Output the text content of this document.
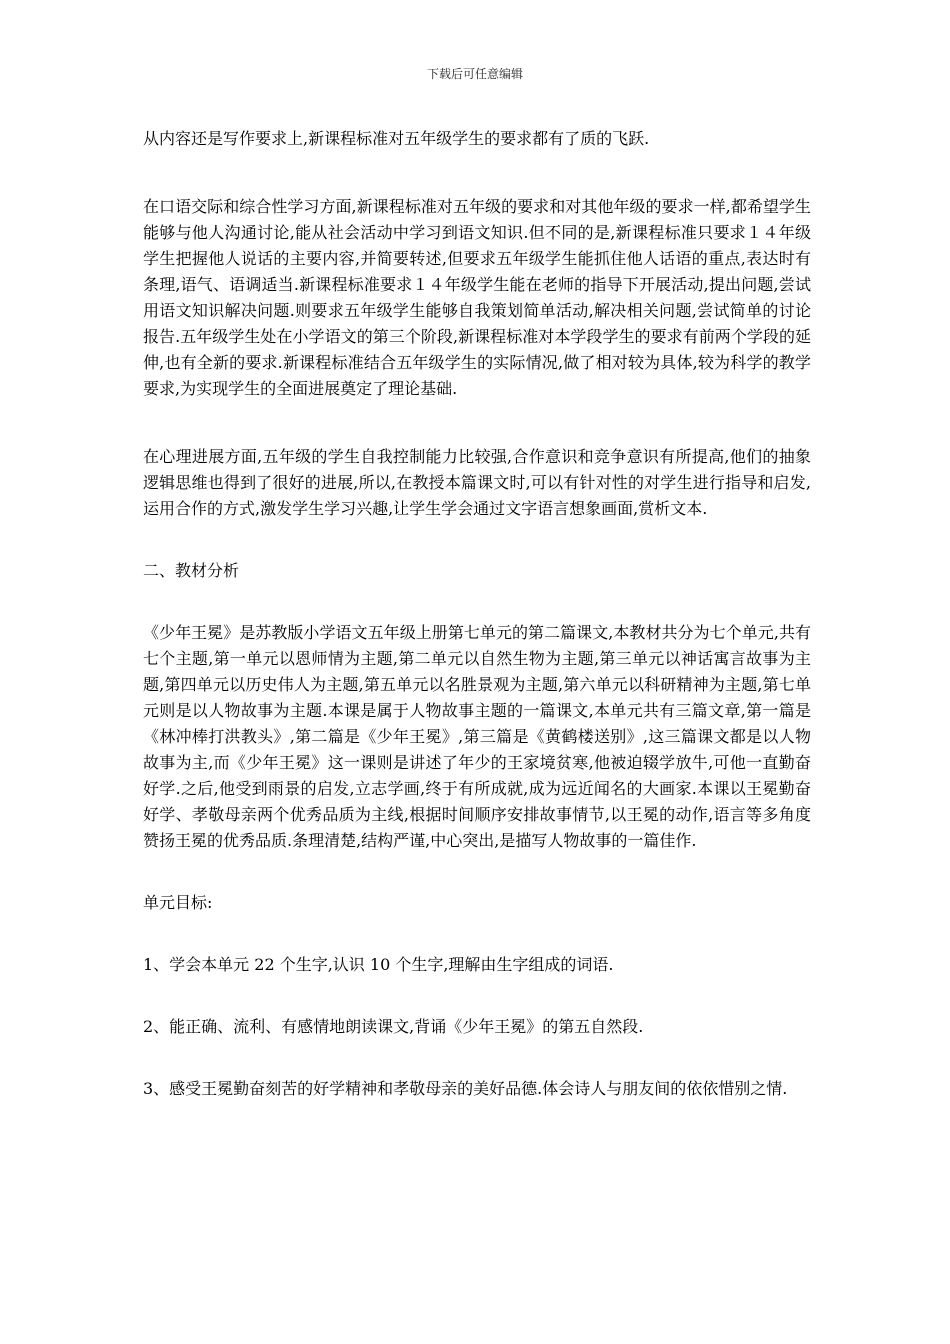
下载后可任意编辑

从内容还是写作要求上,新课程标准对五年级学生的要求都有了质的飞跃.

在口语交际和综合性学习方面,新课程标准对五年级的要求和对其他年级的要求一样,都希望学生能够与他人沟通讨论,能从社会活动中学习到语文知识.但不同的是,新课程标准只要求１４年级学生把握他人说话的主要内容,并简要转述,但要求五年级学生能抓住他人话语的重点,表达时有条理,语气、语调适当.新课程标准要求１４年级学生能在老师的指导下开展活动,提出问题,尝试用语文知识解决问题.则要求五年级学生能够自我策划简单活动,解决相关问题,尝试简单的讨论报告.五年级学生处在小学语文的第三个阶段,新课程标准对本学段学生的要求有前两个学段的延伸,也有全新的要求.新课程标准结合五年级学生的实际情况,做了相对较为具体,较为科学的教学要求,为实现学生的全面进展奠定了理论基础.

在心理进展方面,五年级的学生自我控制能力比较强,合作意识和竞争意识有所提高,他们的抽象逻辑思维也得到了很好的进展,所以,在教授本篇课文时,可以有针对性的对学生进行指导和启发,运用合作的方式,激发学生学习兴趣,让学生学会通过文字语言想象画面,赏析文本.

二、教材分析

《少年王冕》是苏教版小学语文五年级上册第七单元的第二篇课文,本教材共分为七个单元,共有七个主题,第一单元以恩师情为主题,第二单元以自然生物为主题,第三单元以神话寓言故事为主题,第四单元以历史伟人为主题,第五单元以名胜景观为主题,第六单元以科研精神为主题,第七单元则是以人物故事为主题.本课是属于人物故事主题的一篇课文,本单元共有三篇文章,第一篇是《林冲棒打洪教头》,第二篇是《少年王冕》,第三篇是《黄鹤楼送别》,这三篇课文都是以人物故事为主,而《少年王冕》这一课则是讲述了年少的王家境贫寒,他被迫辍学放牛,可他一直勤奋好学.之后,他受到雨景的启发,立志学画,终于有所成就,成为远近闻名的大画家.本课以王冕勤奋好学、孝敬母亲两个优秀品质为主线,根据时间顺序安排故事情节,以王冕的动作,语言等多角度赞扬王冕的优秀品质.条理清楚,结构严谨,中心突出,是描写人物故事的一篇佳作.

单元目标:

1、学会本单元 22 个生字,认识 10 个生字,理解由生字组成的词语.

2、能正确、流利、有感情地朗读课文,背诵《少年王冕》的第五自然段.

3、感受王冕勤奋刻苦的好学精神和孝敬母亲的美好品德.体会诗人与朋友间的依依惜别之情.
